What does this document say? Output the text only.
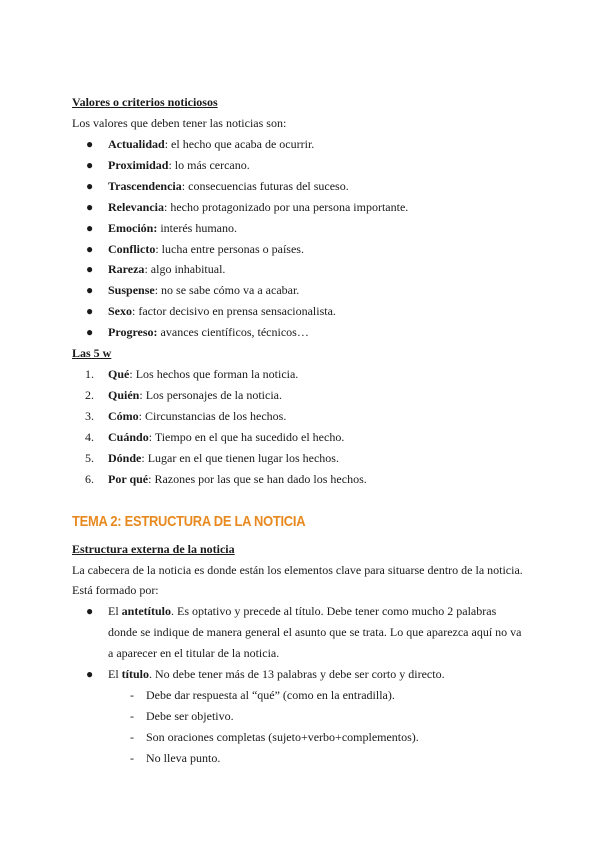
Valores o criterios noticiosos
Los valores que deben tener las noticias son:
●	Actualidad: el hecho que acaba de ocurrir.
●	Proximidad: lo más cercano.
●	Trascendencia: consecuencias futuras del suceso.
●	Relevancia: hecho protagonizado por una persona importante.
●	Emoción: interés humano.
●	Conflicto: lucha entre personas o países.
●	Rareza: algo inhabitual.
●	Suspense: no se sabe cómo va a acabar.
●	Sexo: factor decisivo en prensa sensacionalista.
●	Progreso: avances científicos, técnicos…
Las 5 w
1.	Qué: Los hechos que forman la noticia.
2.	Quién: Los personajes de la noticia.
3.	Cómo: Circunstancias de los hechos.
4.	Cuándo: Tiempo en el que ha sucedido el hecho.
5.	Dónde: Lugar en el que tienen lugar los hechos.
6.	Por qué: Razones por las que se han dado los hechos.
TEMA 2: ESTRUCTURA DE LA NOTICIA
Estructura externa de la noticia
La cabecera de la noticia es donde están los elementos clave para situarse dentro de la noticia.
Está formado por:
●	El antetítulo. Es optativo y precede al título. Debe tener como mucho 2 palabras

donde se indique de manera general el asunto que se trata. Lo que aparezca aquí no va

a aparecer en el titular de la noticia.

●	El título. No debe tener más de 13 palabras y debe ser corto y directo.
- Debe dar respuesta al “qué” (como en la entradilla).
- Debe ser objetivo.
- Son oraciones completas (sujeto+verbo+complementos).
- No lleva punto.
